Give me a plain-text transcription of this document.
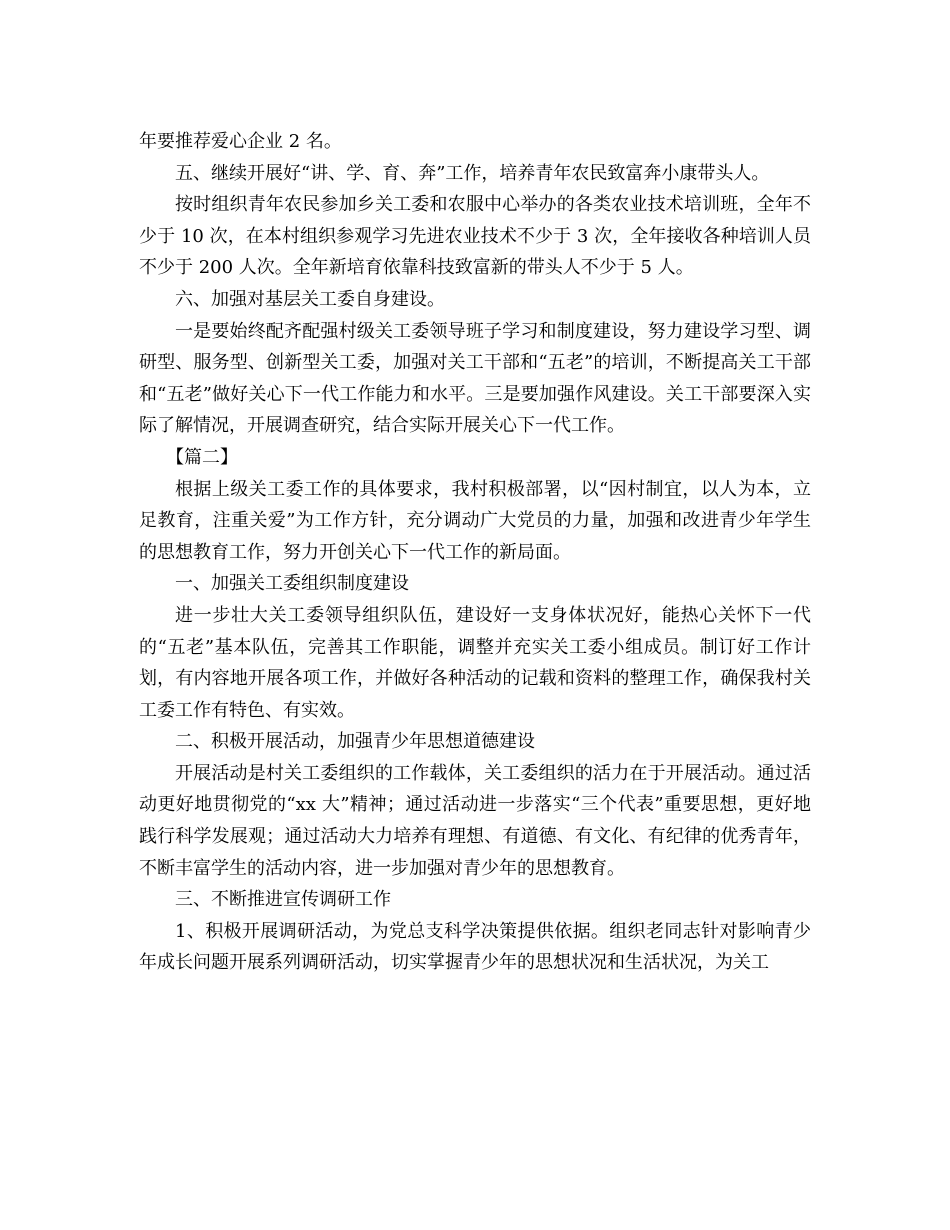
年要推荐爱心企业 2 名。

五、继续开展好“讲、学、育、奔”工作，培养青年农民致富奔小康带头人。

按时组织青年农民参加乡关工委和农服中心举办的各类农业技术培训班，全年不少于 10 次，在本村组织参观学习先进农业技术不少于 3 次，全年接收各种培训人员不少于 200 人次。全年新培育依靠科技致富新的带头人不少于 5 人。

六、加强对基层关工委自身建设。

一是要始终配齐配强村级关工委领导班子学习和制度建设，努力建设学习型、调研型、服务型、创新型关工委，加强对关工干部和“五老”的培训，不断提高关工干部和“五老”做好关心下一代工作能力和水平。三是要加强作风建设。关工干部要深入实际了解情况，开展调查研究，结合实际开展关心下一代工作。

【篇二】

根据上级关工委工作的具体要求，我村积极部署，以“因村制宜，以人为本，立足教育，注重关爱”为工作方针，充分调动广大党员的力量，加强和改进青少年学生的思想教育工作，努力开创关心下一代工作的新局面。

一、加强关工委组织制度建设

进一步壮大关工委领导组织队伍，建设好一支身体状况好，能热心关怀下一代的“五老”基本队伍，完善其工作职能，调整并充实关工委小组成员。制订好工作计划，有内容地开展各项工作，并做好各种活动的记载和资料的整理工作，确保我村关工委工作有特色、有实效。

二、积极开展活动，加强青少年思想道德建设

开展活动是村关工委组织的工作载体，关工委组织的活力在于开展活动。通过活动更好地贯彻党的“xx 大”精神；通过活动进一步落实“三个代表”重要思想，更好地践行科学发展观；通过活动大力培养有理想、有道德、有文化、有纪律的优秀青年，不断丰富学生的活动内容，进一步加强对青少年的思想教育。

三、不断推进宣传调研工作

1、积极开展调研活动，为党总支科学决策提供依据。组织老同志针对影响青少年成长问题开展系列调研活动，切实掌握青少年的思想状况和生活状况，为关工
